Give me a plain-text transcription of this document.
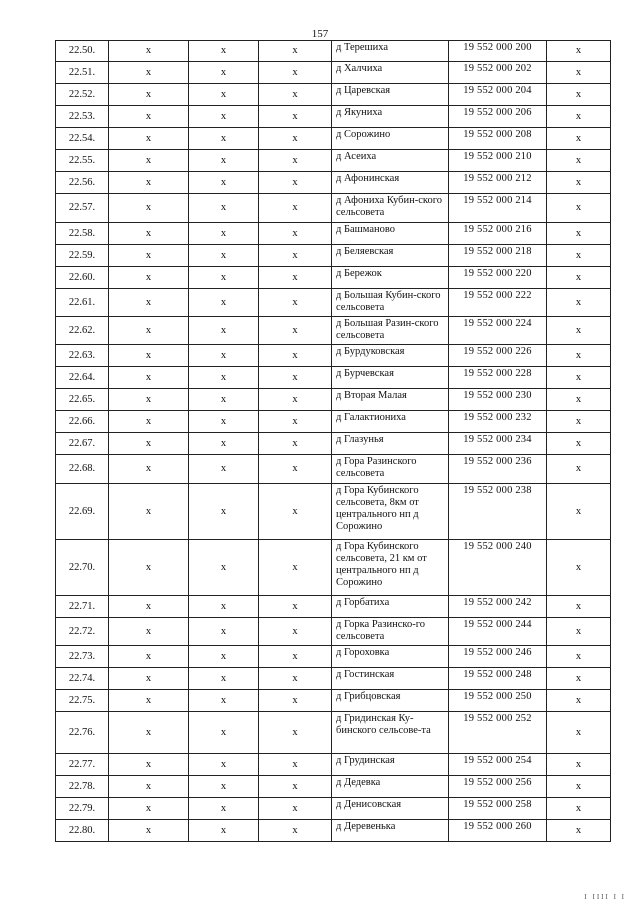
157
22.50.	х	х	х	д Терешиха	19 552 000 200	х
22.51.	х	х	х	д Халчиха	19 552 000 202	х
22.52.	х	х	х	д Царевская	19 552 000 204	х
22.53.	х	х	х	д Якуниха	19 552 000 206	х
22.54.	х	х	х	д Сорожино	19 552 000 208	х
22.55.	х	х	х	д Асеиха	19 552 000 210	х
22.56.	х	х	х	д Афонинская	19 552 000 212	х
22.57.	х	х	х	д Афониха Кубин-ского сельсовета	19 552 000 214	х
22.58.	х	х	х	д Башманово	19 552 000 216	х
22.59.	х	х	х	д Беляевская	19 552 000 218	х
22.60.	х	х	х	д Бережок	19 552 000 220	х
22.61.	х	х	х	д Большая Кубин-ского сельсовета	19 552 000 222	х
22.62.	х	х	х	д Большая Разин-ского сельсовета	19 552 000 224	х
22.63.	х	х	х	д Бурдуковская	19 552 000 226	х
22.64.	х	х	х	д Бурчевская	19 552 000 228	х
22.65.	х	х	х	д Вторая Малая	19 552 000 230	х
22.66.	х	х	х	д Галактиониха	19 552 000 232	х
22.67.	х	х	х	д Глазунья	19 552 000 234	х
22.68.	х	х	х	д Гора Разинского сельсовета	19 552 000 236	х
22.69.	х	х	х	д Гора Кубинского сельсовета, 8км от центрального нп д Сорожино	19 552 000 238	х
22.70.	х	х	х	д Гора Кубинского сельсовета, 21 км от центрального нп д Сорожино	19 552 000 240	х
22.71.	х	х	х	д Горбатиха	19 552 000 242	х
22.72.	х	х	х	д Горка Разинско-го сельсовета	19 552 000 244	х
22.73.	х	х	х	д Гороховка	19 552 000 246	х
22.74.	х	х	х	д Гостинская	19 552 000 248	х
22.75.	х	х	х	д Грибцовская	19 552 000 250	х
22.76.	х	х	х	д Гридинская Ку-бинского сельсове-та	19 552 000 252	х
22.77.	х	х	х	д Грудинская	19 552 000 254	х
22.78.	х	х	х	д Дедевка	19 552 000 256	х
22.79.	х	х	х	д Денисовская	19 552 000 258	х
22.80.	х	х	х	д Деревенька	19 552 000 260	х
I IIII I I
